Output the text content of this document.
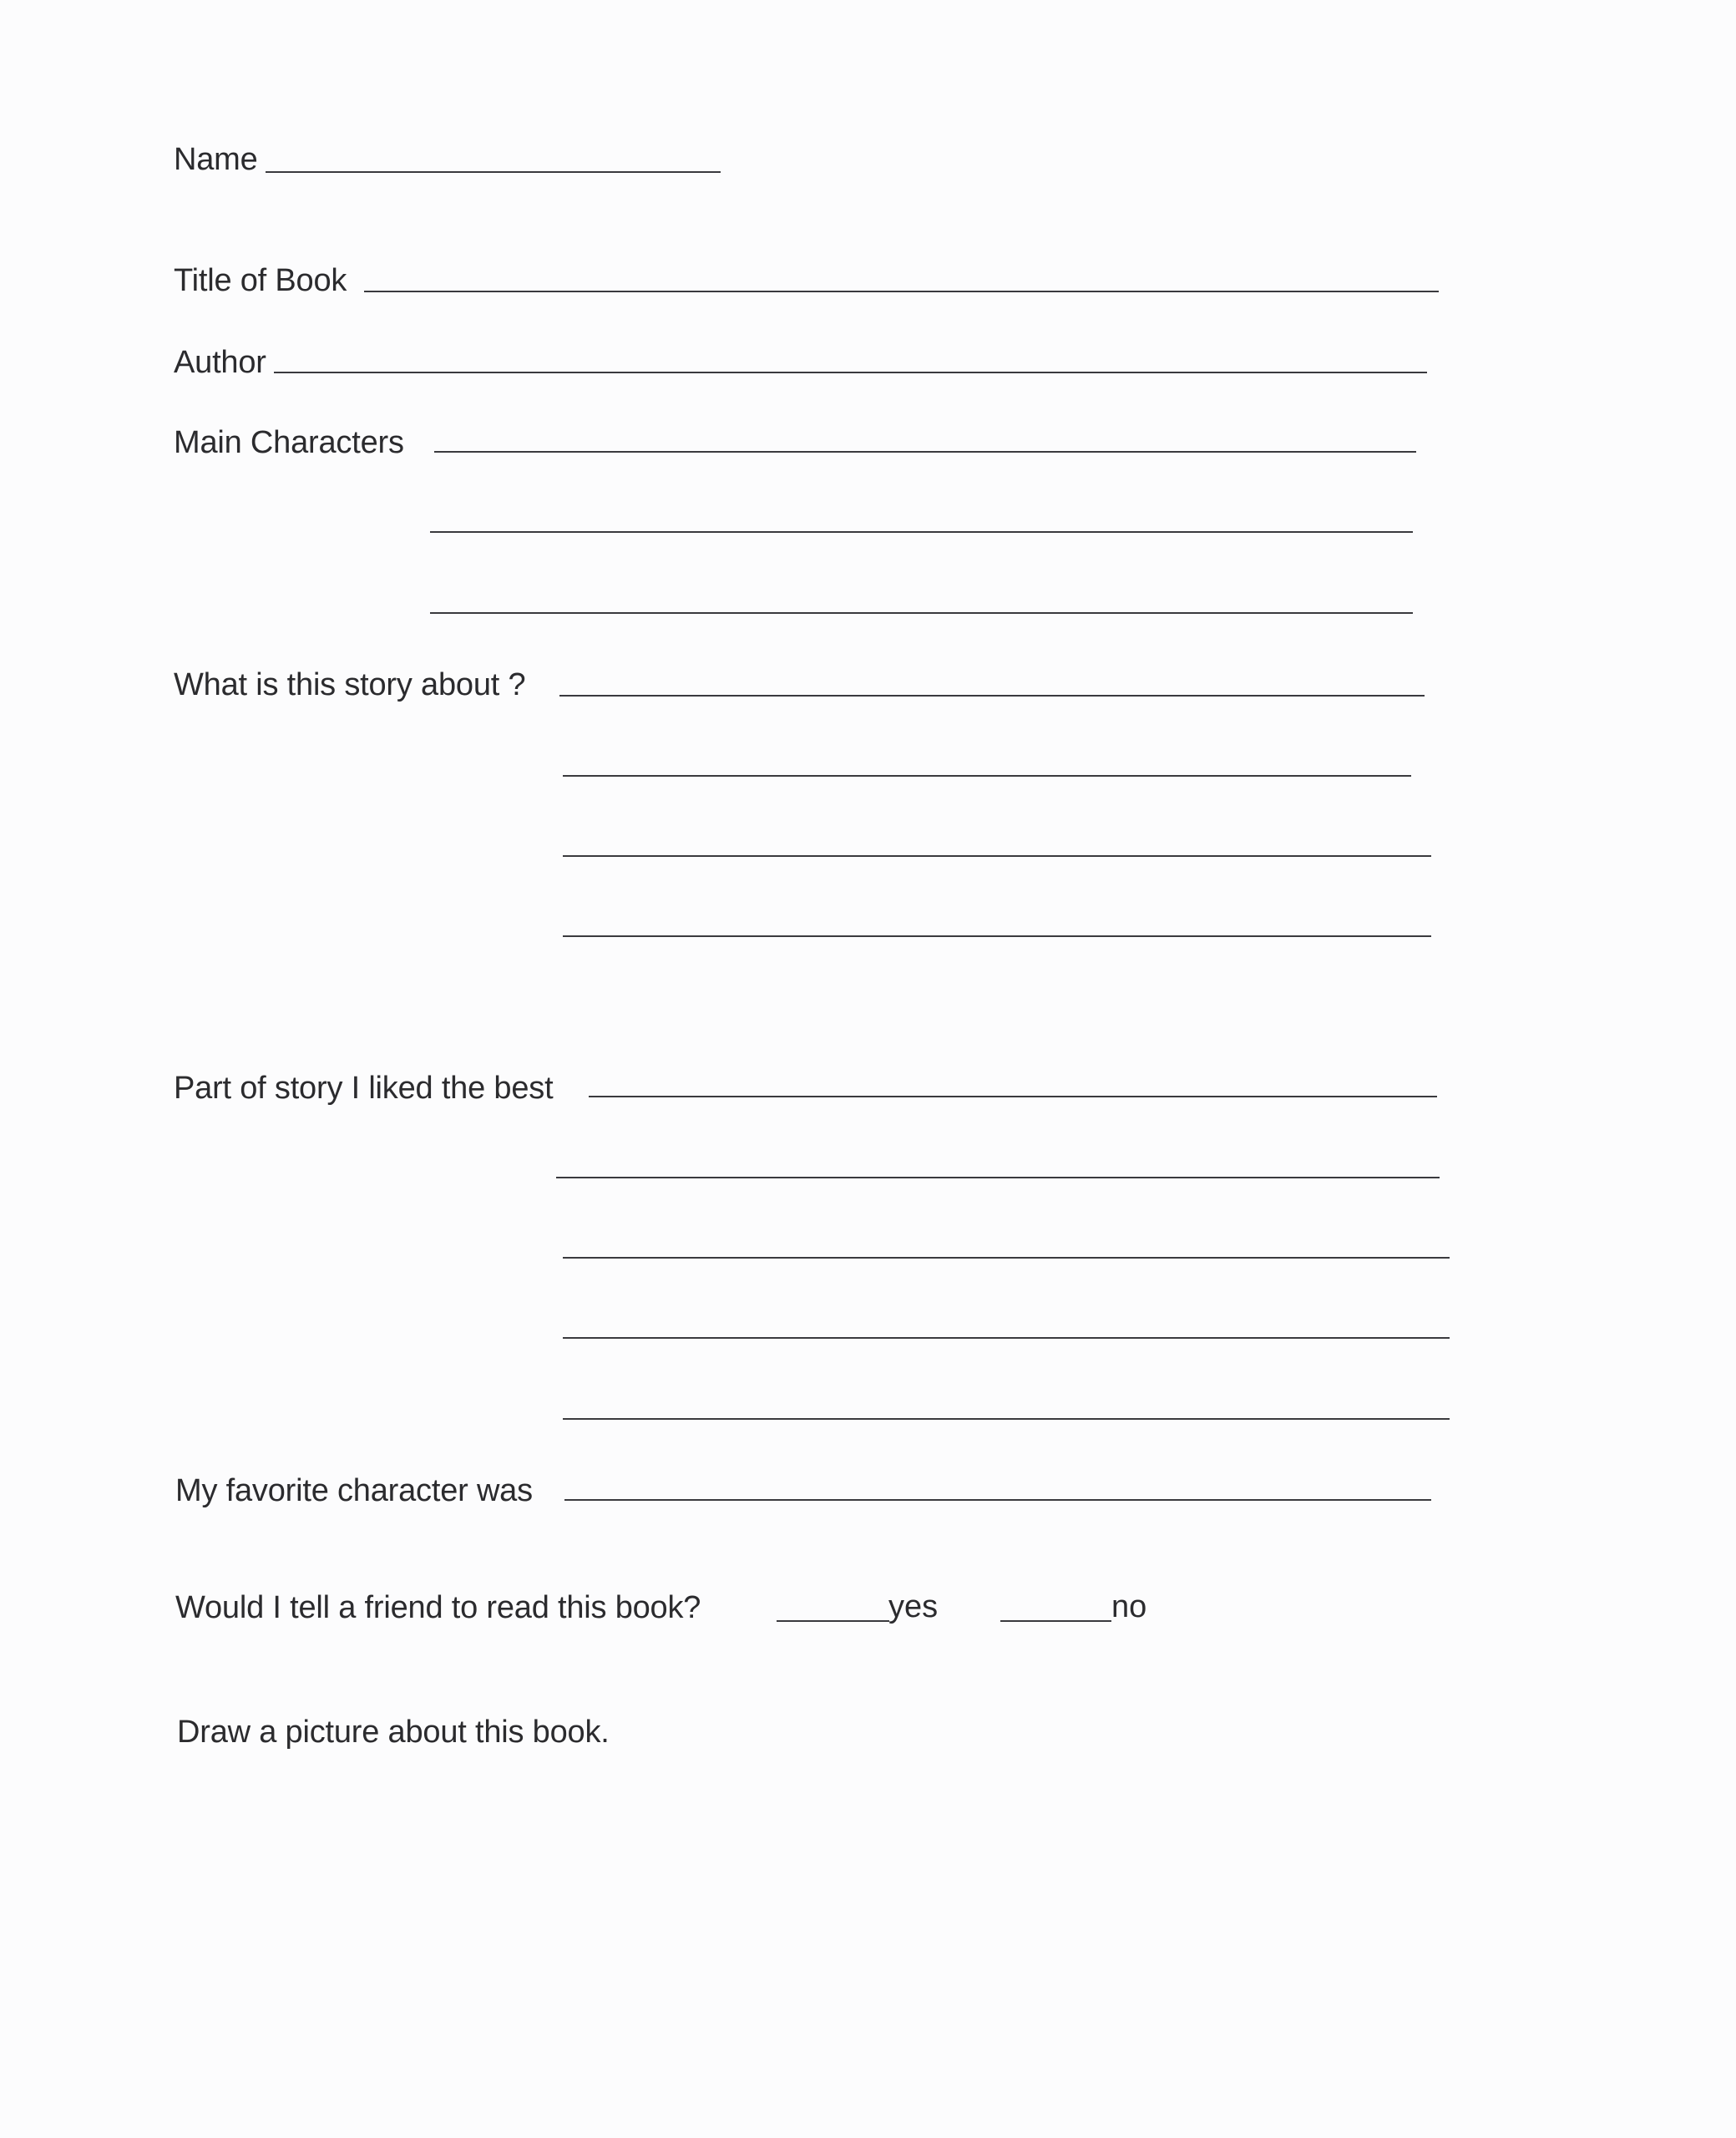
Name
Title of Book
Author
Main Characters
What is this story about ?
Part of story I liked the best
My favorite character was
Would I tell a friend to read this book?	yes	no
Draw a picture about this book.
